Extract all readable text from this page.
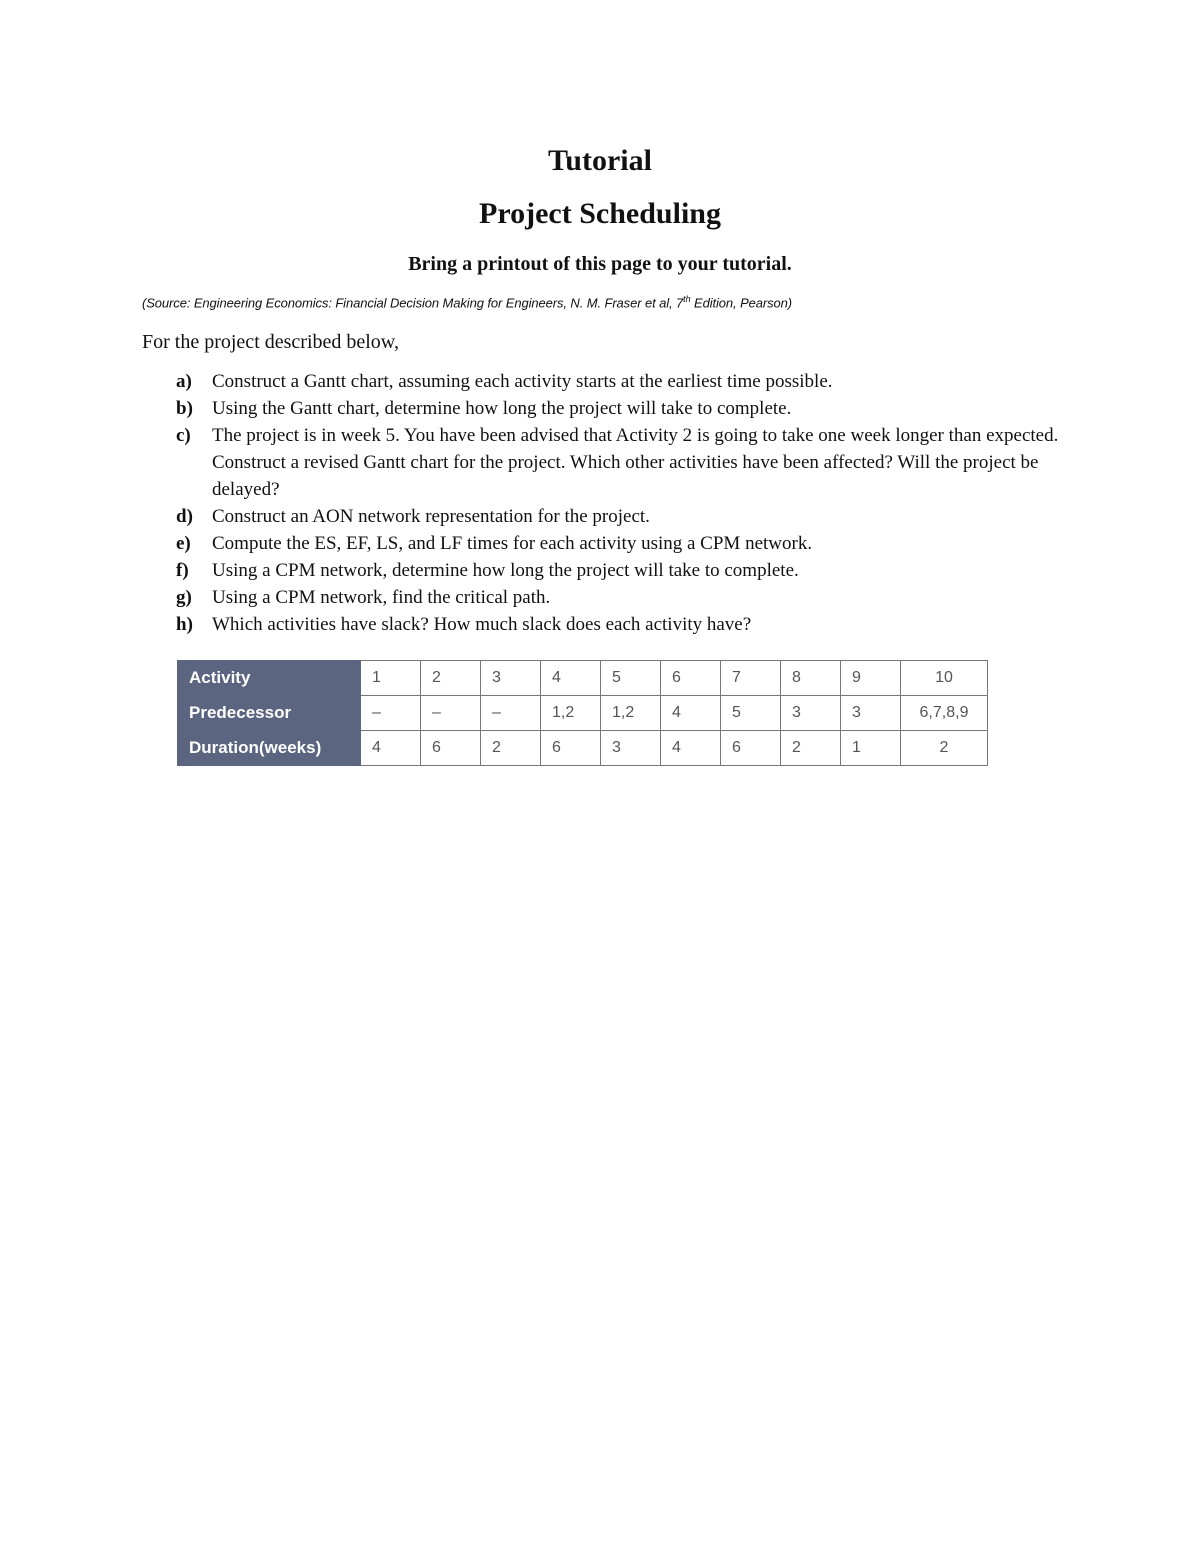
Tutorial
Project Scheduling

Bring a printout of this page to your tutorial.

(Source: Engineering Economics: Financial Decision Making for Engineers, N. M. Fraser et al, 7th Edition, Pearson)

For the project described below,

a)	Construct a Gantt chart, assuming each activity starts at the earliest time possible.
b)	Using the Gantt chart, determine how long the project will take to complete.
c)	The project is in week 5. You have been advised that Activity 2 is going to take one week longer than expected. Construct a revised Gantt chart for the project. Which other activities have been affected? Will the project be delayed?
d)	Construct an AON network representation for the project.
e)	Compute the ES, EF, LS, and LF times for each activity using a CPM network.
f)	Using a CPM network, determine how long the project will take to complete.
g)	Using a CPM network, find the critical path.
h)	Which activities have slack? How much slack does each activity have?
Activity	1	2	3	4	5	6	7	8	9	10
Predecessor	–	–	–	1,2	1,2	4	5	3	3	6,7,8,9
Duration(weeks)	4	6	2	6	3	4	6	2	1	2
